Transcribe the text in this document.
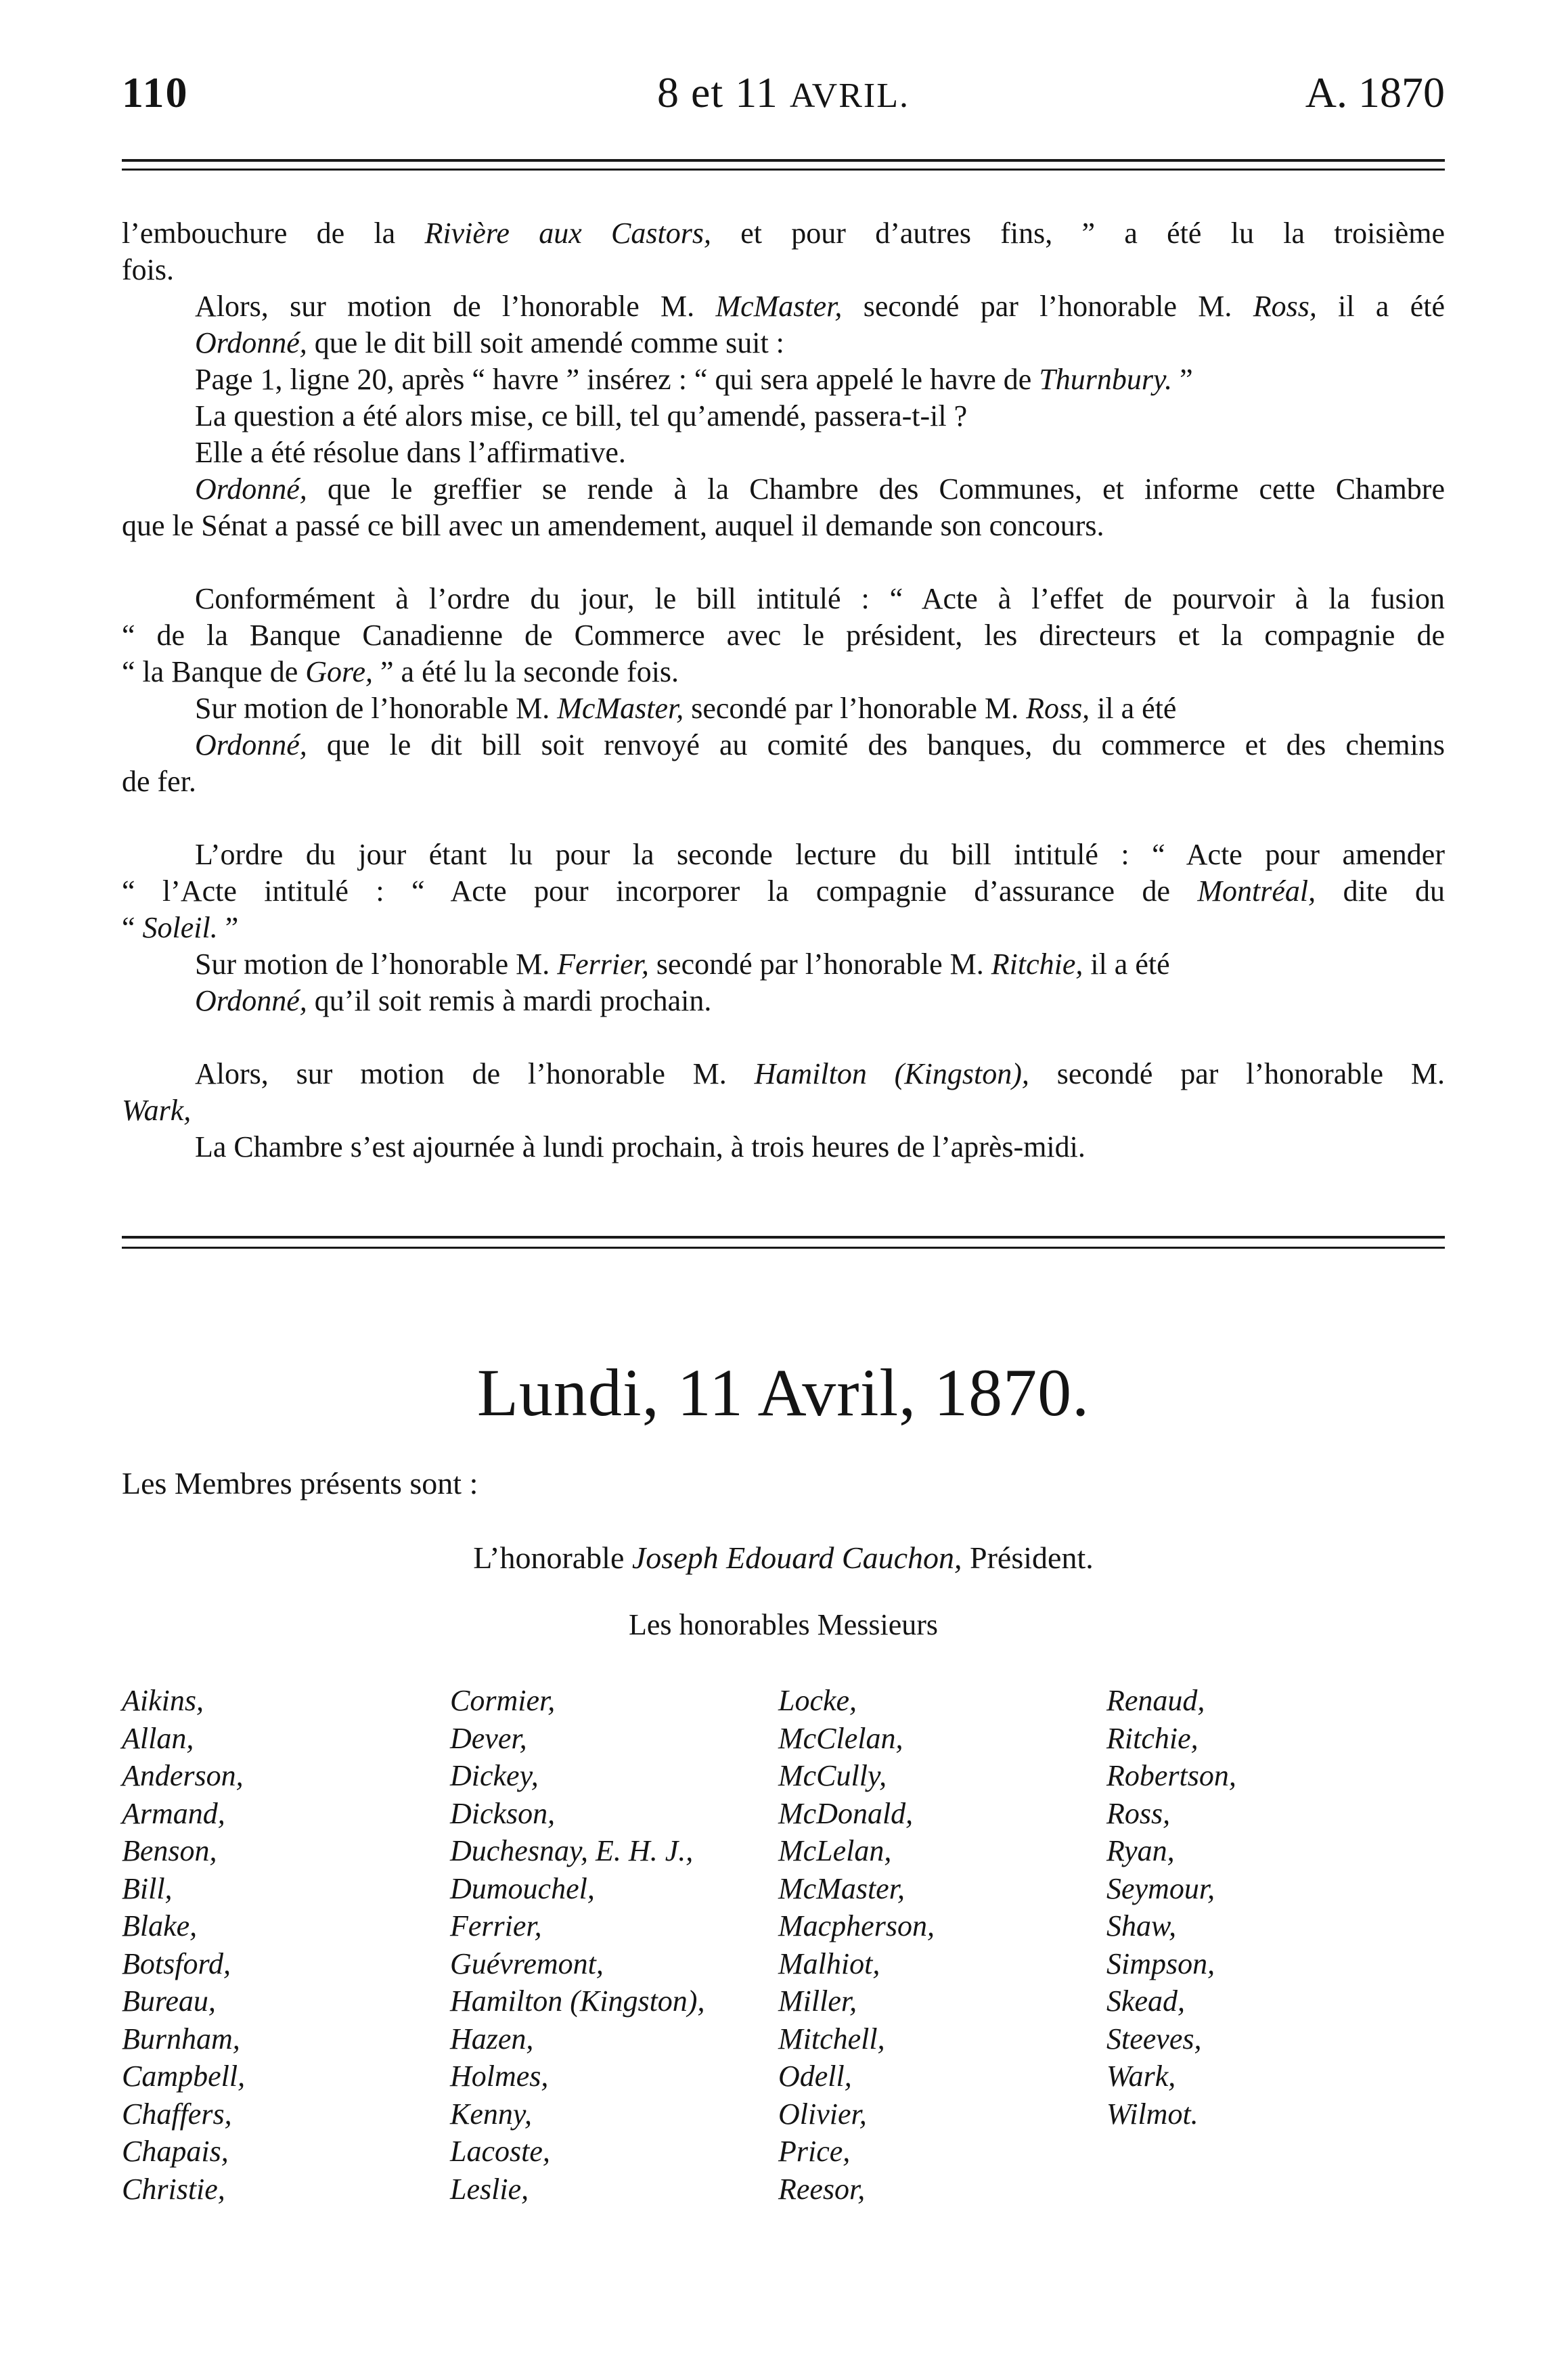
110	8 et 11 AVRIL.	A. 1870

l’embouchure de la Rivière aux Castors, et pour d’autres fins, ” a été lu la troisième

fois.

Alors, sur motion de l’honorable M. McMaster, secondé par l’honorable M. Ross, il a été

Ordonné, que le dit bill soit amendé comme suit :

Page 1, ligne 20, après “ havre ” insérez : “ qui sera appelé le havre de Thurnbury. ”

La question a été alors mise, ce bill, tel qu’amendé, passera-t-il ?

Elle a été résolue dans l’affirmative.

Ordonné, que le greffier se rende à la Chambre des Communes, et informe cette Chambre

que le Sénat a passé ce bill avec un amendement, auquel il demande son concours.

Conformément à l’ordre du jour, le bill intitulé : “ Acte à l’effet de pourvoir à la fusion

“ de la Banque Canadienne de Commerce avec le président, les directeurs et la compagnie de

“ la Banque de Gore, ” a été lu la seconde fois.

Sur motion de l’honorable M. McMaster, secondé par l’honorable M. Ross, il a été

Ordonné, que le dit bill soit renvoyé au comité des banques, du commerce et des chemins

de fer.

L’ordre du jour étant lu pour la seconde lecture du bill intitulé : “ Acte pour amender

“ l’Acte intitulé : “ Acte pour incorporer la compagnie d’assurance de Montréal, dite du

“ Soleil. ”

Sur motion de l’honorable M. Ferrier, secondé par l’honorable M. Ritchie, il a été

Ordonné, qu’il soit remis à mardi prochain.

Alors, sur motion de l’honorable M. Hamilton (Kingston), secondé par l’honorable M.

Wark,

La Chambre s’est ajournée à lundi prochain, à trois heures de l’après-midi.

Lundi, 11 Avril, 1870.
Les Membres présents sont :
L’honorable Joseph Edouard Cauchon, Président.
Les honorables Messieurs
Aikins,
Allan,
Anderson,
Armand,
Benson,
Bill,
Blake,
Botsford,
Bureau,
Burnham,
Campbell,
Chaffers,
Chapais,
Christie,
Cormier,
Dever,
Dickey,
Dickson,
Duchesnay, E. H. J.,
Dumouchel,
Ferrier,
Guévremont,
Hamilton (Kingston),
Hazen,
Holmes,
Kenny,
Lacoste,
Leslie,
Locke,
McClelan,
McCully,
McDonald,
McLelan,
McMaster,
Macpherson,
Malhiot,
Miller,
Mitchell,
Odell,
Olivier,
Price,
Reesor,
Renaud,
Ritchie,
Robertson,
Ross,
Ryan,
Seymour,
Shaw,
Simpson,
Skead,
Steeves,
Wark,
Wilmot.
